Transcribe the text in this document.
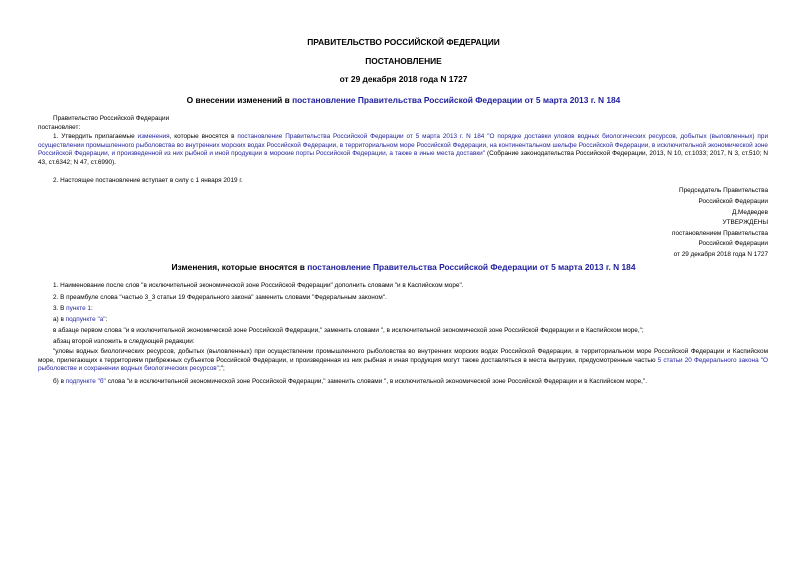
ПРАВИТЕЛЬСТВО РОССИЙСКОЙ ФЕДЕРАЦИИ
ПОСТАНОВЛЕНИЕ
от 29 декабря 2018 года N 1727
О внесении изменений в постановление Правительства Российской Федерации от 5 марта 2013 г. N 184
Правительство Российской Федерации
постановляет:
1. Утвердить прилагаемые изменения, которые вносятся в постановление Правительства Российской Федерации от 5 марта 2013 г. N 184 "О порядке доставки уловов водных биологических ресурсов, добытых (выловленных) при осуществлении промышленного рыболовства во внутренних морских водах Российской Федерации, в территориальном море Российской Федерации, на континентальном шельфе Российской Федерации, в исключительной экономической зоне Российской Федерации, и произведенной из них рыбной и иной продукции в морские порты Российской Федерации, а также в иные места доставки" (Собрание законодательства Российской Федерации, 2013, N 10, ст.1033; 2017, N 3, ст.510; N 43, ст.6342; N 47, ст.6990).
2. Настоящее постановление вступает в силу с 1 января 2019 г.
Председатель Правительства
Российской Федерации
Д.Медведев
УТВЕРЖДЕНЫ
постановлением Правительства
Российской Федерации
от 29 декабря 2018 года N 1727
Изменения, которые вносятся в постановление Правительства Российской Федерации от 5 марта 2013 г. N 184
1. Наименование после слов "в исключительной экономической зоне Российской Федерации" дополнить словами "и в Каспийском море".
2. В преамбуле слова "частью 3_3 статьи 19 Федерального закона" заменить словами "Федеральным законом".
3. В пункте 1:
а) в подпункте "а":
в абзаце первом слова "и в исключительной экономической зоне Российской Федерации," заменить словами ", в исключительной экономической зоне Российской Федерации и в Каспийском море,";
абзац второй изложить в следующей редакции:
"уловы водных биологических ресурсов, добытых (выловленных) при осуществлении промышленного рыболовства во внутренних морских водах Российской Федерации, в территориальном море Российской Федерации и Каспийском море, прилегающих к территориям прибрежных субъектов Российской Федерации, и произведенная из них рыбная и иная продукция могут также доставляться в места выгрузки, предусмотренные частью 5 статьи 20 Федерального закона "О рыболовстве и сохранении водных биологических ресурсов";";
б) в подпункте "б" слова "и в исключительной экономической зоне Российской Федерации," заменить словами ", в исключительной экономической зоне Российской Федерации и в Каспийском море,".
